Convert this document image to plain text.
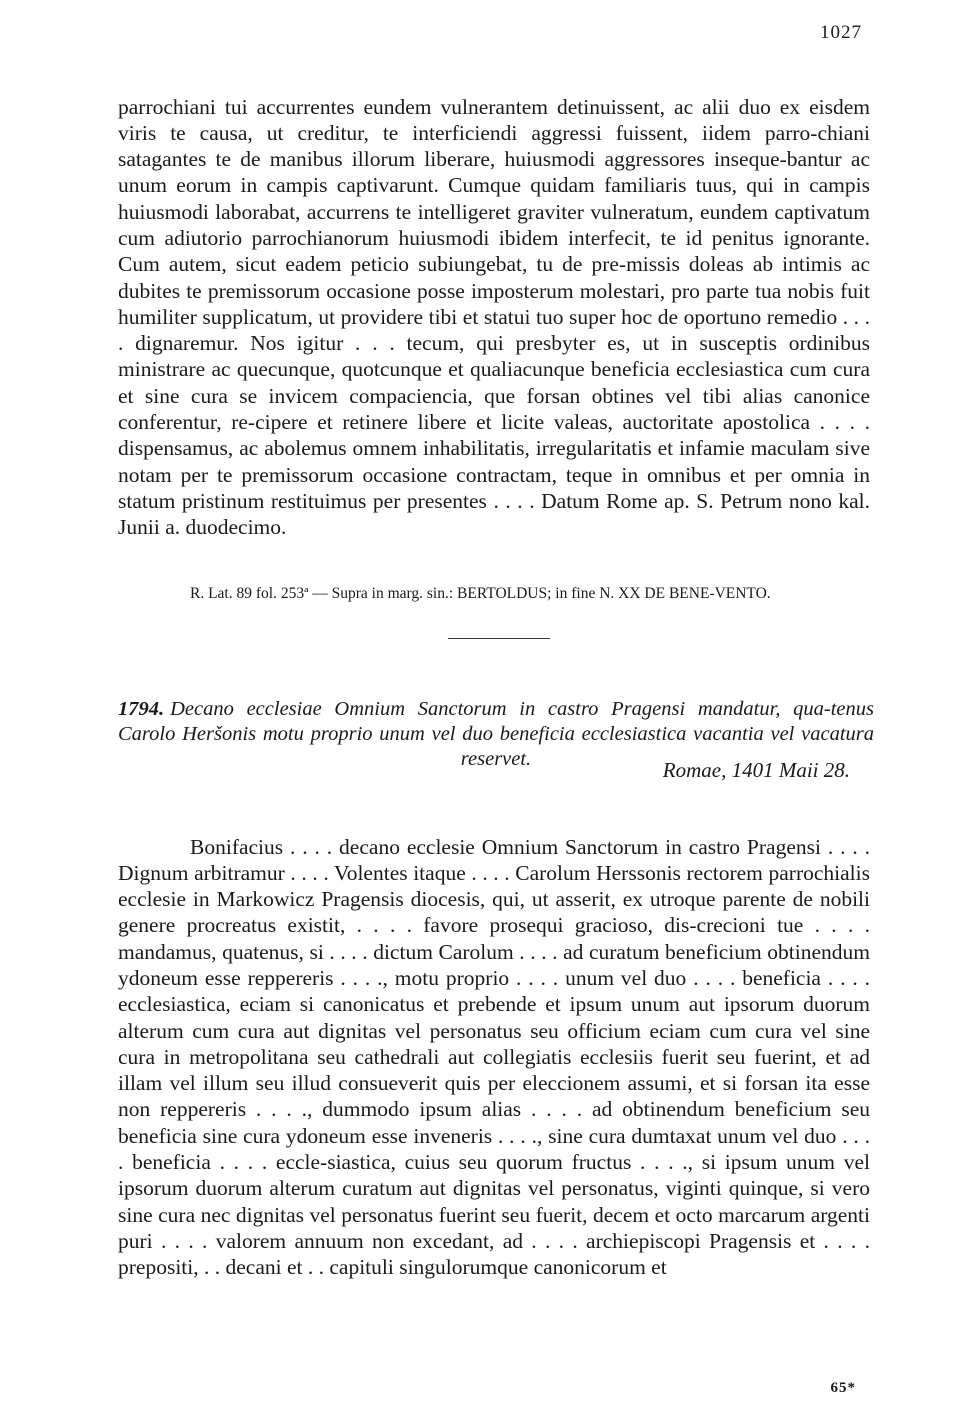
1027

parrochiani tui accurrentes eundem vulnerantem detinuissent, ac alii duo ex eisdem viris te causa, ut creditur, te interficiendi aggressi fuissent, iidem parro-chiani satagantes te de manibus illorum liberare, huiusmodi aggressores inseque-bantur ac unum eorum in campis captivarunt. Cumque quidam familiaris tuus, qui in campis huiusmodi laborabat, accurrens te intelligeret graviter vulneratum, eundem captivatum cum adiutorio parrochianorum huiusmodi ibidem interfecit, te id penitus ignorante. Cum autem, sicut eadem peticio subiungebat, tu de pre-missis doleas ab intimis ac dubites te premissorum occasione posse imposterum molestari, pro parte tua nobis fuit humiliter supplicatum, ut providere tibi et statui tuo super hoc de oportuno remedio . . . . dignaremur. Nos igitur . . . tecum, qui presbyter es, ut in susceptis ordinibus ministrare ac quecunque, quotcunque et qualiacunque beneficia ecclesiastica cum cura et sine cura se invicem compaciencia, que forsan obtines vel tibi alias canonice conferentur, re-cipere et retinere libere et licite valeas, auctoritate apostolica . . . . dispensamus, ac abolemus omnem inhabilitatis, irregularitatis et infamie maculam sive notam per te premissorum occasione contractam, teque in omnibus et per omnia in statum pristinum restituimus per presentes . . . . Datum Rome ap. S. Petrum nono kal. Junii a. duodecimo.

R. Lat. 89 fol. 253ª — Supra in marg. sin.: BERTOLDUS; in fine N. XX DE BENE-VENTO.

1794. Decano ecclesiae Omnium Sanctorum in castro Pragensi mandatur, qua-tenus Carolo Heršonis motu proprio unum vel duo beneficia ecclesiastica vacantia vel vacatura reservet.	Romae, 1401 Maii 28.

Bonifacius . . . . decano ecclesie Omnium Sanctorum in castro Pragensi . . . . Dignum arbitramur . . . . Volentes itaque . . . . Carolum Herssonis rectorem parrochialis ecclesie in Markowicz Pragensis diocesis, qui, ut asserit, ex utroque parente de nobili genere procreatus existit, . . . . favore prosequi gracioso, dis-crecioni tue . . . . mandamus, quatenus, si . . . . dictum Carolum . . . . ad curatum beneficium obtinendum ydoneum esse reppereris . . . ., motu proprio . . . . unum vel duo . . . . beneficia . . . . ecclesiastica, eciam si canonicatus et prebende et ipsum unum aut ipsorum duorum alterum cum cura aut dignitas vel personatus seu officium eciam cum cura vel sine cura in metropolitana seu cathedrali aut collegiatis ecclesiis fuerit seu fuerint, et ad illam vel illum seu illud consueverit quis per eleccionem assumi, et si forsan ita esse non reppereris . . . ., dummodo ipsum alias . . . . ad obtinendum beneficium seu beneficia sine cura ydoneum esse inveneris . . . ., sine cura dumtaxat unum vel duo . . . . beneficia . . . . eccle-siastica, cuius seu quorum fructus . . . ., si ipsum unum vel ipsorum duorum alterum curatum aut dignitas vel personatus, viginti quinque, si vero sine cura nec dignitas vel personatus fuerint seu fuerit, decem et octo marcarum argenti puri . . . . valorem annuum non excedant, ad . . . . archiepiscopi Pragensis et . . . . prepositi, . . decani et . . capituli singulorumque canonicorum et

65*
